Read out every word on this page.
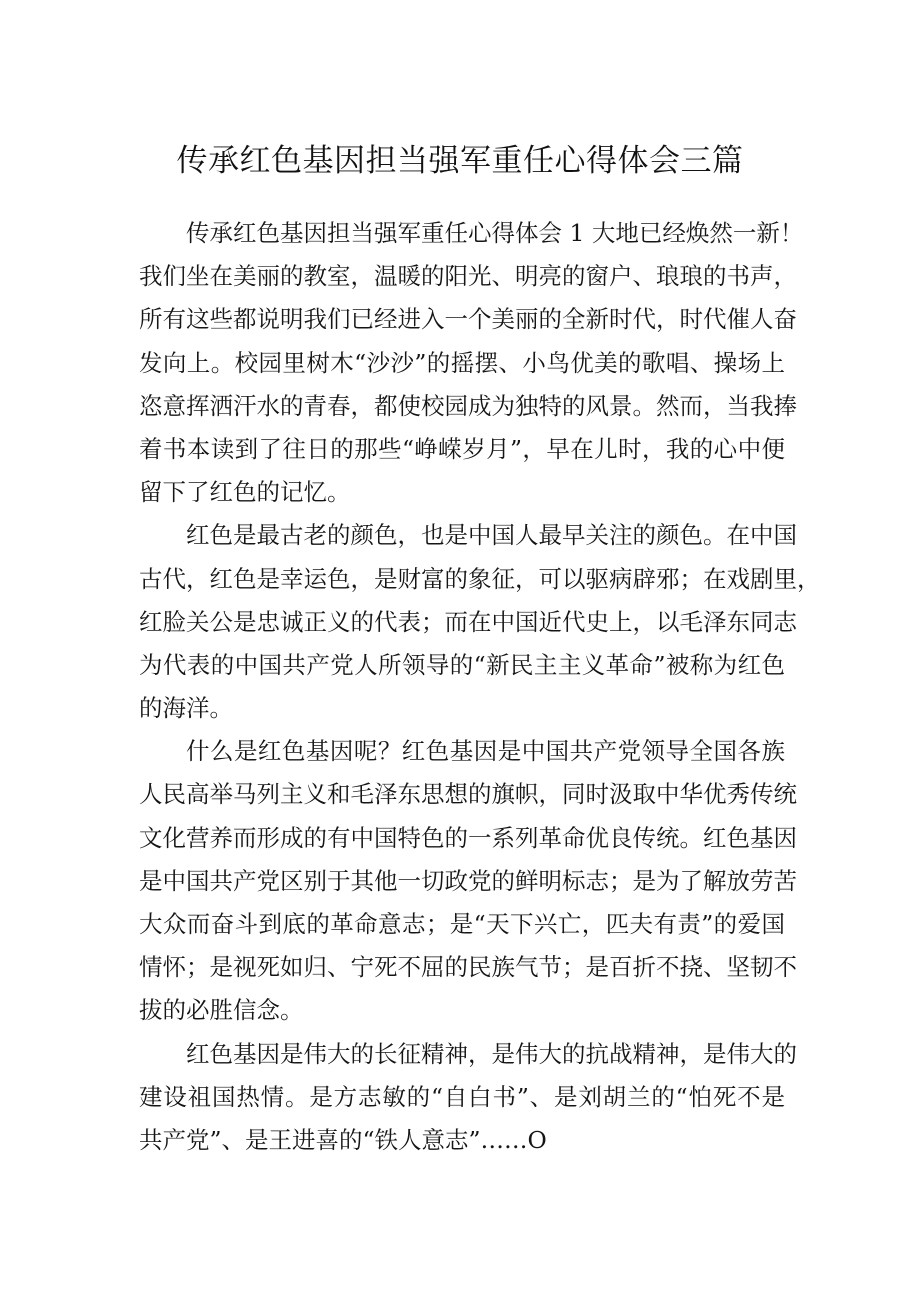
传承红色基因担当强军重任心得体会三篇

传承红色基因担当强军重任心得体会 1 大地已经焕然一新！
我们坐在美丽的教室，温暖的阳光、明亮的窗户、琅琅的书声，
所有这些都说明我们已经进入一个美丽的全新时代，时代催人奋
发向上。校园里树木“沙沙”的摇摆、小鸟优美的歌唱、操场上
恣意挥洒汗水的青春，都使校园成为独特的风景。然而，当我捧
着书本读到了往日的那些“峥嵘岁月”，早在儿时，我的心中便
留下了红色的记忆。

红色是最古老的颜色，也是中国人最早关注的颜色。在中国
古代，红色是幸运色，是财富的象征，可以驱病辟邪；在戏剧里，
红脸关公是忠诚正义的代表；而在中国近代史上，以毛泽东同志
为代表的中国共产党人所领导的“新民主主义革命”被称为红色
的海洋。

什么是红色基因呢？红色基因是中国共产党领导全国各族
人民高举马列主义和毛泽东思想的旗帜，同时汲取中华优秀传统
文化营养而形成的有中国特色的一系列革命优良传统。红色基因
是中国共产党区别于其他一切政党的鲜明标志；是为了解放劳苦
大众而奋斗到底的革命意志；是“天下兴亡，匹夫有责”的爱国
情怀；是视死如归、宁死不屈的民族气节；是百折不挠、坚韧不
拔的必胜信念。

红色基因是伟大的长征精神，是伟大的抗战精神，是伟大的
建设祖国热情。是方志敏的“自白书”、是刘胡兰的“怕死不是
共产党”、是王进喜的“铁人意志”……O
